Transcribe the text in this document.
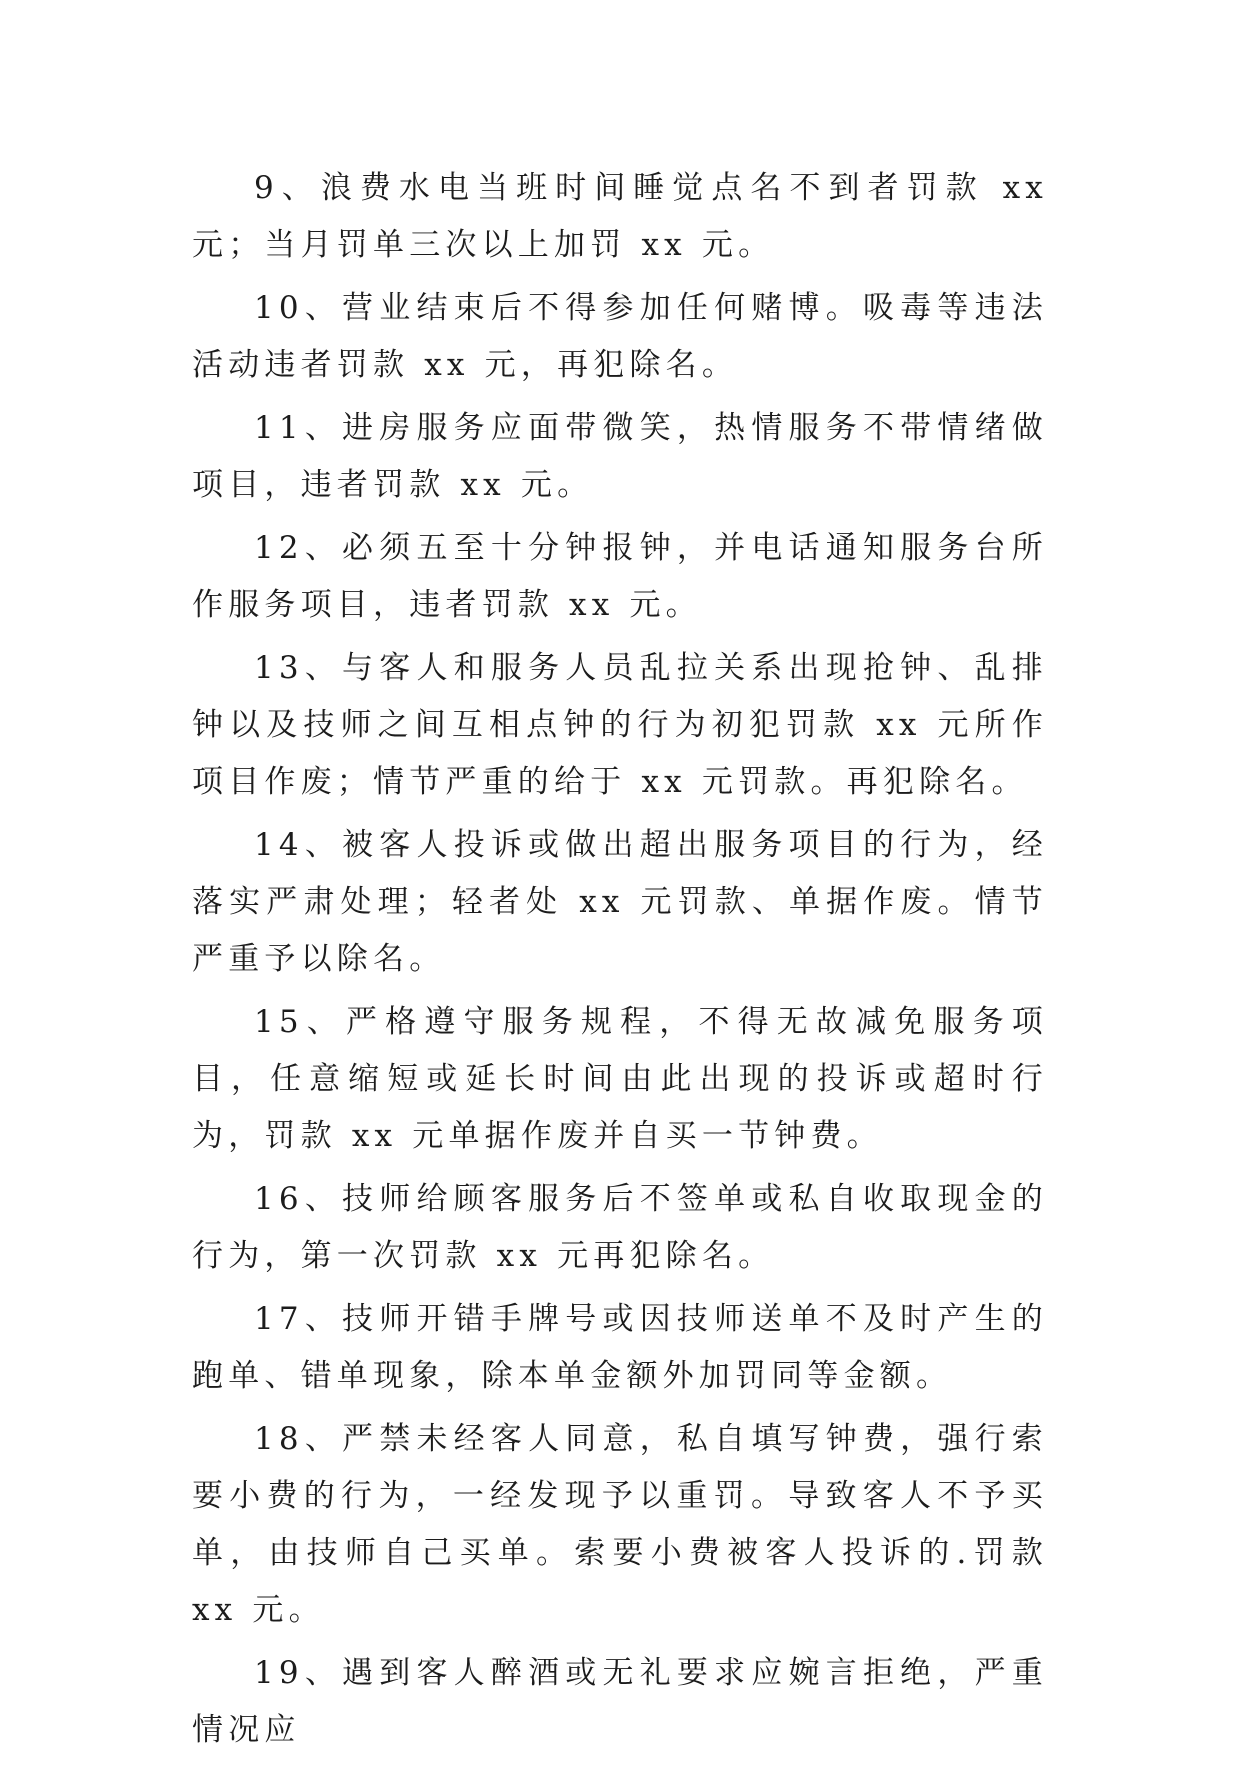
9、浪费水电当班时间睡觉点名不到者罚款 xx 元；当月罚单三次以上加罚 xx 元。

10、营业结束后不得参加任何赌博。吸毒等违法活动违者罚款 xx 元，再犯除名。

11、进房服务应面带微笑，热情服务不带情绪做项目，违者罚款 xx 元。

12、必须五至十分钟报钟，并电话通知服务台所作服务项目，违者罚款 xx 元。

13、与客人和服务人员乱拉关系出现抢钟、乱排钟以及技师之间互相点钟的行为初犯罚款 xx 元所作项目作废；情节严重的给于 xx 元罚款。再犯除名。

14、被客人投诉或做出超出服务项目的行为，经落实严肃处理；轻者处 xx 元罚款、单据作废。情节严重予以除名。

15、严格遵守服务规程，不得无故减免服务项目，任意缩短或延长时间由此出现的投诉或超时行为，罚款 xx 元单据作废并自买一节钟费。

16、技师给顾客服务后不签单或私自收取现金的行为，第一次罚款 xx 元再犯除名。

17、技师开错手牌号或因技师送单不及时产生的跑单、错单现象，除本单金额外加罚同等金额。

18、严禁未经客人同意，私自填写钟费，强行索要小费的行为，一经发现予以重罚。导致客人不予买单，由技师自己买单。索要小费被客人投诉的.罚款 xx 元。

19、遇到客人醉酒或无礼要求应婉言拒绝，严重情况应
